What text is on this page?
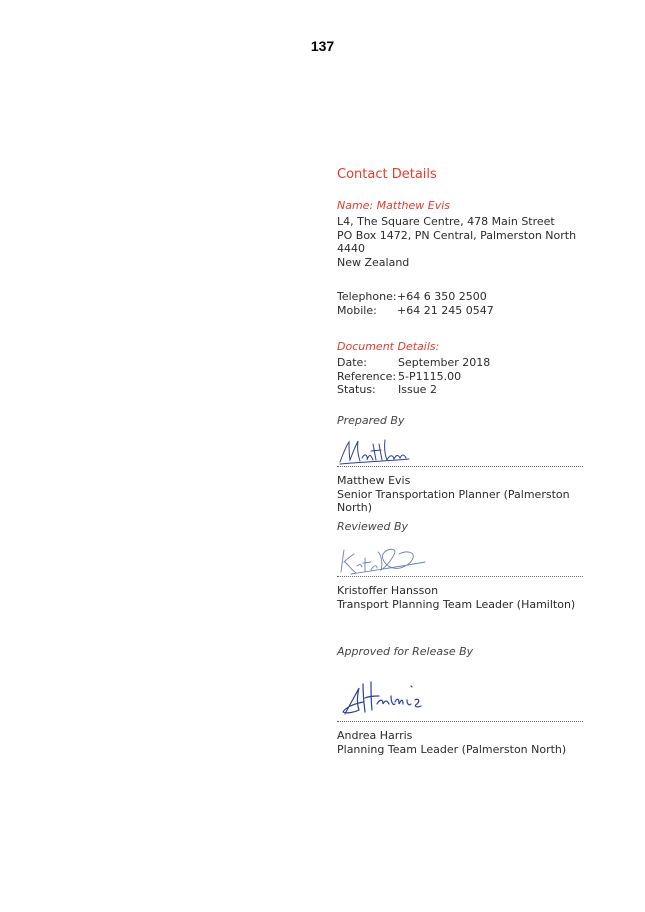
137
Contact Details
Name: Matthew Evis
L4, The Square Centre, 478 Main Street
PO Box 1472, PN Central, Palmerston North
4440
New Zealand
Telephone: +64 6 350 2500
Mobile:	+64 21 245 0547
Document Details:
Date:	September 2018
Reference: 5-P1115.00
Status:	Issue 2
Prepared By
Matthew Evis
Senior Transportation Planner (Palmerston North)
Reviewed By
Kristoffer Hansson
Transport Planning Team Leader (Hamilton)
Approved for Release By
Andrea Harris
Planning Team Leader (Palmerston North)
